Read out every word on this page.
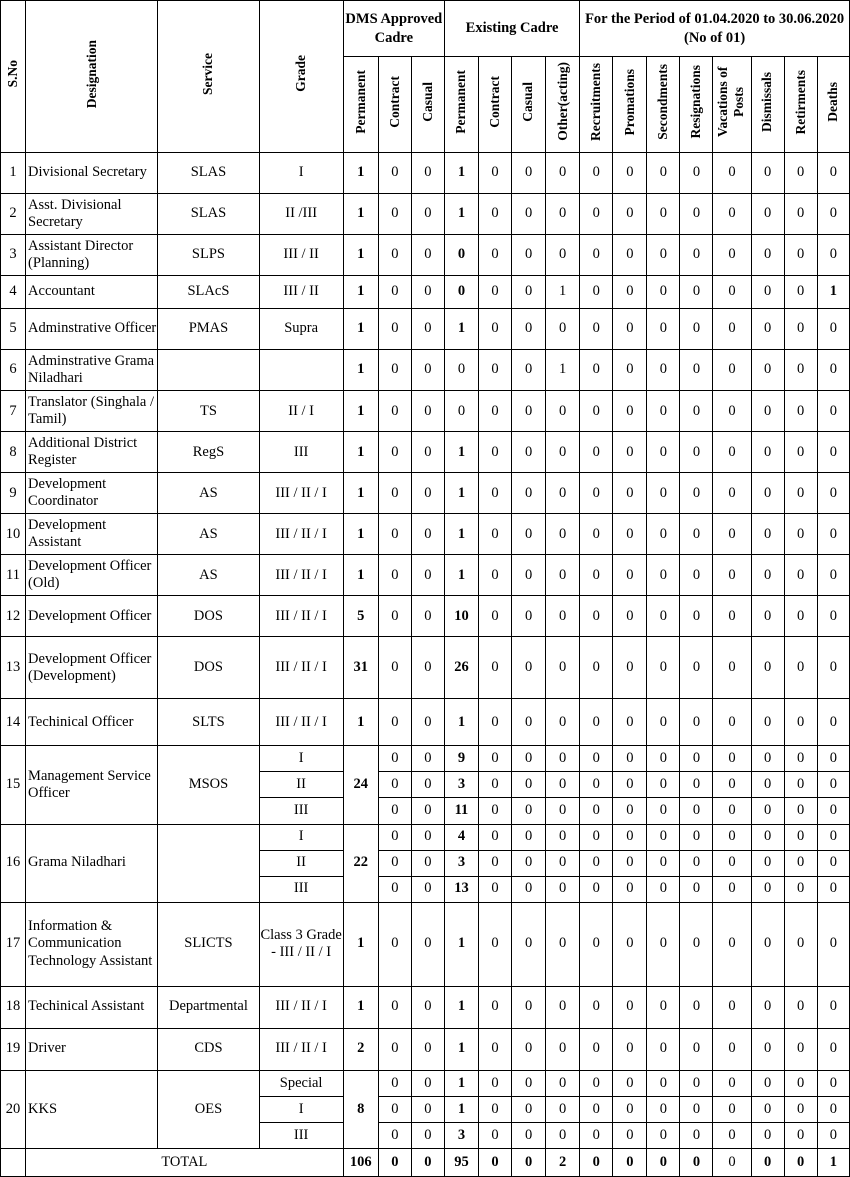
S.No	Designation	Service	Grade	DMS Approved Cadre			Existing Cadre				For the Period of 01.04.2020 to 30.06.2020 (No of 01)							
				Permanent	Contract	Casual	Permanent	Contract	Casual	Other(acting)	Recruitments	Promations	Secondments	Resignations	Vacations of Posts	Dismissals	Retirments	Deaths
1	Divisional Secretary	SLAS	I	1	0	0	1	0	0	0	0	0	0	0	0	0	0	0
2	Asst. Divisional Secretary	SLAS	II /III	1	0	0	1	0	0	0	0	0	0	0	0	0	0	0
3	Assistant Director (Planning)	SLPS	III / II	1	0	0	0	0	0	0	0	0	0	0	0	0	0	0
4	Accountant	SLAcS	III / II	1	0	0	0	0	0	1	0	0	0	0	0	0	0	1
5	Adminstrative Officer	PMAS	Supra	1	0	0	1	0	0	0	0	0	0	0	0	0	0	0
6	Adminstrative Grama Niladhari			1	0	0	0	0	0	1	0	0	0	0	0	0	0	0
7	Translator (Singhala / Tamil)	TS	II / I	1	0	0	0	0	0	0	0	0	0	0	0	0	0	0
8	Additional District Register	RegS	III	1	0	0	1	0	0	0	0	0	0	0	0	0	0	0
9	Development Coordinator	AS	III / II / I	1	0	0	1	0	0	0	0	0	0	0	0	0	0	0
10	Development Assistant	AS	III / II / I	1	0	0	1	0	0	0	0	0	0	0	0	0	0	0
11	Development Officer (Old)	AS	III / II / I	1	0	0	1	0	0	0	0	0	0	0	0	0	0	0
12	Development Officer	DOS	III / II / I	5	0	0	10	0	0	0	0	0	0	0	0	0	0	0
13	Development Officer (Development)	DOS	III / II / I	31	0	0	26	0	0	0	0	0	0	0	0	0	0	0
14	Techinical Officer	SLTS	III / II / I	1	0	0	1	0	0	0	0	0	0	0	0	0	0	0
15	Management Service Officer	MSOS	I	24	0	0	9	0	0	0	0	0	0	0	0	0	0	0
			II		0	0	3	0	0	0	0	0	0	0	0	0	0	0
			III		0	0	11	0	0	0	0	0	0	0	0	0	0	0
16	Grama Niladhari		I	22	0	0	4	0	0	0	0	0	0	0	0	0	0	0
			II		0	0	3	0	0	0	0	0	0	0	0	0	0	0
			III		0	0	13	0	0	0	0	0	0	0	0	0	0	0
17	Information & Communication Technology Assistant	SLICTS	Class 3 Grade - III / II / I	1	0	0	1	0	0	0	0	0	0	0	0	0	0	0
18	Techinical Assistant	Departmental	III / II / I	1	0	0	1	0	0	0	0	0	0	0	0	0	0	0
19	Driver	CDS	III / II / I	2	0	0	1	0	0	0	0	0	0	0	0	0	0	0
20	KKS	OES	Special	8	0	0	1	0	0	0	0	0	0	0	0	0	0	0
			I		0	0	1	0	0	0	0	0	0	0	0	0	0	0
			III		0	0	3	0	0	0	0	0	0	0	0	0	0	0
	TOTAL			106	0	0	95	0	0	2	0	0	0	0	0	0	0	1
